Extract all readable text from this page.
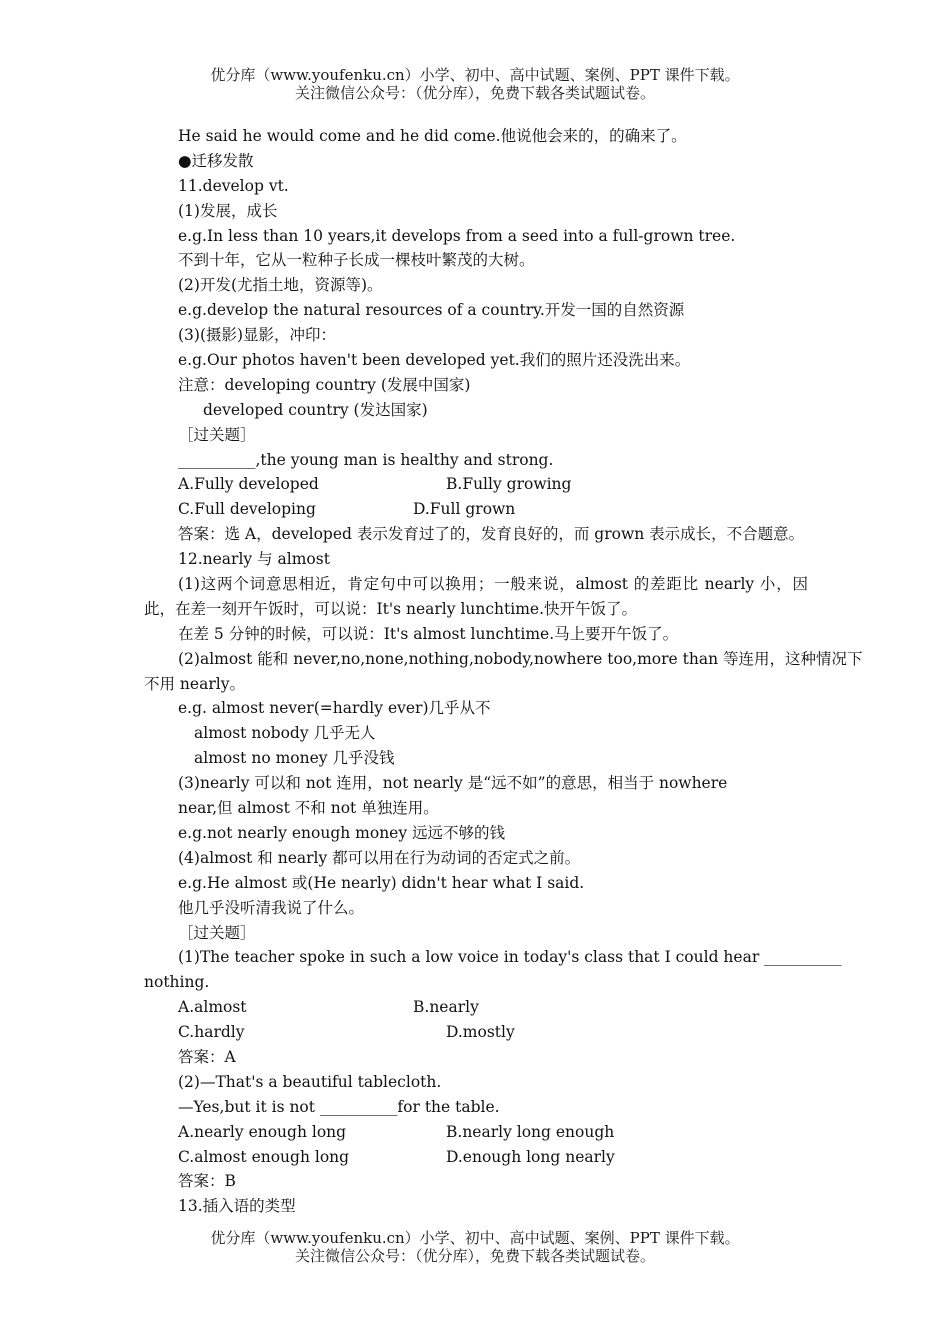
优分库（www.youfenku.cn）小学、初中、高中试题、案例、PPT 课件下载。
关注微信公众号：（优分库），免费下载各类试题试卷。
He said he would come and he did come.他说他会来的，的确来了。
●迁移发散
11.develop vt.
(1)发展，成长
e.g.In less than 10 years,it develops from a seed into a full-grown tree.
不到十年，它从一粒种子长成一棵枝叶繁茂的大树。
(2)开发(尤指土地，资源等)。
e.g.develop the natural resources of a country.开发一国的自然资源
(3)(摄影)显影，冲印：
e.g.Our photos haven't been developed yet.我们的照片还没洗出来。
注意：developing country (发展中国家)
developed country (发达国家)
［过关题］
__________,the young man is healthy and strong.
A.Fully developed	B.Fully growing
C.Full developing	D.Full grown
答案：选 A，developed 表示发育过了的，发育良好的，而 grown 表示成长，不合题意。
12.nearly 与 almost
(1)这两个词意思相近，肯定句中可以换用；一般来说，almost 的差距比 nearly 小，因
此，在差一刻开午饭时，可以说：It's nearly lunchtime.快开午饭了。
在差 5 分钟的时候，可以说：It's almost lunchtime.马上要开午饭了。
(2)almost 能和 never,no,none,nothing,nobody,nowhere too,more than 等连用，这种情况下
不用 nearly。
e.g. almost never(=hardly ever)几乎从不
almost nobody 几乎无人
almost no money 几乎没钱
(3)nearly 可以和 not 连用，not nearly 是“远不如”的意思，相当于 nowhere
near,但 almost 不和 not 单独连用。
e.g.not nearly enough money 远远不够的钱
(4)almost 和 nearly 都可以用在行为动词的否定式之前。
e.g.He almost 或(He nearly) didn't hear what I said.
他几乎没听清我说了什么。
［过关题］
(1)The teacher spoke in such a low voice in today's class that I could hear __________
nothing.
A.almost	B.nearly
C.hardly	D.mostly
答案：A
(2)—That's a beautiful tablecloth.
—Yes,but it is not __________for the table.
A.nearly enough long	B.nearly long enough
C.almost enough long	D.enough long nearly
答案：B
13.插入语的类型
优分库（www.youfenku.cn）小学、初中、高中试题、案例、PPT 课件下载。
关注微信公众号：（优分库），免费下载各类试题试卷。
